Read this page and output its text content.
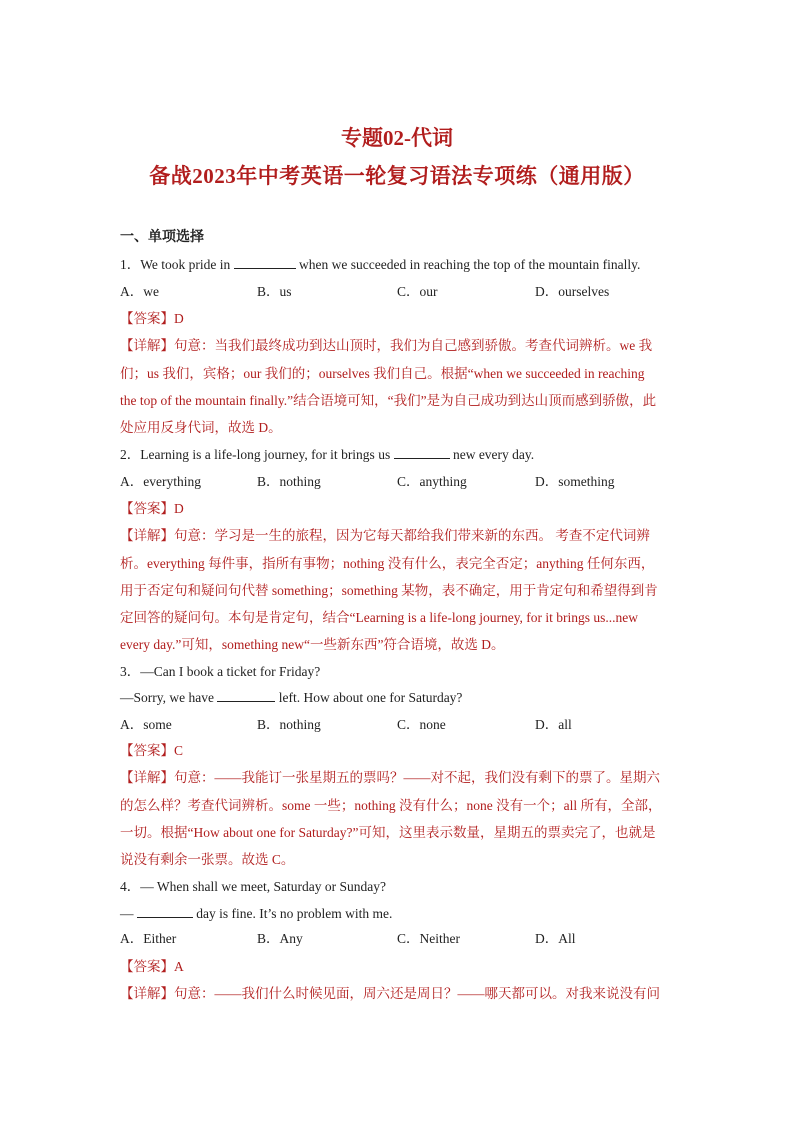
专题02-代词
备战2023年中考英语一轮复习语法专项练（通用版）
一、单项选择
1．We took pride in	when we succeeded in reaching the top of the mountain finally.
A．we	B．us	C．our	D．ourselves
【答案】D
【详解】句意：当我们最终成功到达山顶时，我们为自己感到骄傲。考查代词辨析。we 我
们；us 我们，宾格；our 我们的；ourselves 我们自己。根据“when we succeeded in reaching
the top of the mountain finally.”结合语境可知，“我们”是为自己成功到达山顶而感到骄傲，此
处应用反身代词，故选 D。
2．Learning is a life-long journey, for it brings us	new every day.
A．everything	B．nothing	C．anything	D．something
【答案】D
【详解】句意：学习是一生的旅程，因为它每天都给我们带来新的东西。 考查不定代词辨
析。everything 每件事，指所有事物；nothing 没有什么，表完全否定；anything 任何东西，
用于否定句和疑问句代替 something；something 某物，表不确定，用于肯定句和希望得到肯
定回答的疑问句。本句是肯定句，结合“Learning is a life-long journey, for it brings us...new
every day.”可知，something new“一些新东西”符合语境，故选 D。
3．—Can I book a ticket for Friday?
—Sorry, we have	left. How about one for Saturday?
A．some	B．nothing	C．none	D．all
【答案】C
【详解】句意：——我能订一张星期五的票吗？——对不起，我们没有剩下的票了。星期六
的怎么样？考查代词辨析。some 一些；nothing 没有什么；none 没有一个；all 所有，全部，
一切。根据“How about one for Saturday?”可知，这里表示数量，星期五的票卖完了，也就是
说没有剩余一张票。故选 C。
4．— When shall we meet, Saturday or Sunday?
—	day is fine. It’s no problem with me.
A．Either	B．Any	C．Neither	D．All
【答案】A
【详解】句意：——我们什么时候见面，周六还是周日？——哪天都可以。对我来说没有问
